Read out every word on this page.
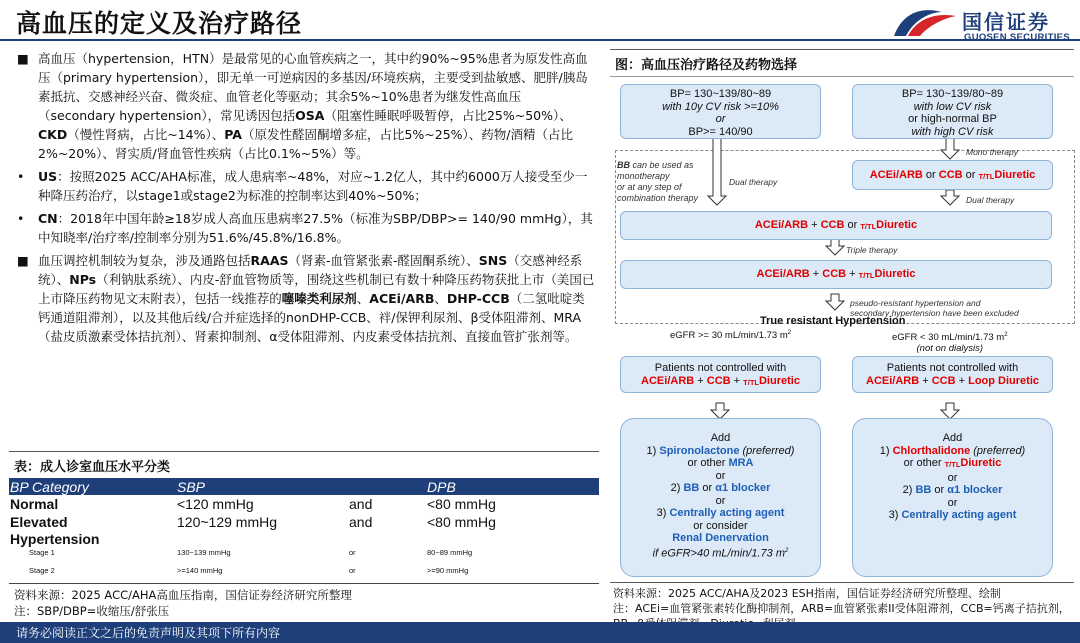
高血压的定义及治疗路径	国信证券
GUOSEN SECURITIES
■ 高血压（hypertension，HTN）是最常见的心血管疾病之一，其中约90%~95%患者为原发性高血压（primary hypertension），即无单一可逆病因的多基因/环境疾病，主要受到盐敏感、肥胖/胰岛素抵抗、交感神经兴奋、微炎症、血管老化等驱动；其余5%~10%患者为继发性高血压（secondary hypertension），常见诱因包括OSA（阻塞性睡眠呼吸暂停，占比25%~50%）、CKD（慢性肾病，占比~14%）、PA（原发性醛固酮增多症，占比5%~25%）、药物/酒精（占比2%~20%）、肾实质/肾血管性疾病（占比0.1%~5%）等。
• US：按照2025 ACC/AHA标准，成人患病率~48%，对应~1.2亿人，其中约6000万人接受至少一种降压药治疗，以stage1或stage2为标准的控制率达到40%~50%；
• CN：2018年中国年龄≥18岁成人高血压患病率27.5%（标准为SBP/DBP>= 140/90 mmHg），其中知晓率/治疗率/控制率分别为51.6%/45.8%/16.8%。
■ 血压调控机制较为复杂，涉及通路包括RAAS（肾素-血管紧张素-醛固酮系统）、SNS（交感神经系统）、NPs（利钠肽系统）、内皮-舒血管物质等，围绕这些机制已有数十种降压药物获批上市（美国已上市降压药物见文末附表），包括一线推荐的噻嗪类利尿剂、ACEi/ARB、DHP-CCB（二氢吡啶类钙通道阻滞剂），以及其他后线/合并症选择的nonDHP-CCB、袢/保钾利尿剂、β受体阻滞剂、MRA（盐皮质激素受体拮抗剂）、肾素抑制剂、α受体阻滞剂、内皮素受体拮抗剂、直接血管扩张剂等。
表：成人诊室血压水平分类
BP Category	SBP		DPB
Normal	<120 mmHg	and	<80 mmHg
Elevated	120~129 mmHg	and	<80 mmHg
Hypertension			
Stage 1	130~139 mmHg	or	80~89 mmHg
Stage 2	>=140 mmHg	or	>=90 mmHg
资料来源：2025 ACC/AHA高血压指南，国信证券经济研究所整理
注：SBP/DBP=收缩压/舒张压
图：高血压治疗路径及药物选择
BP= 130~139/80~89
with 10y CV risk >=10%
or
BP>= 140/90
BP= 130~139/80~89
with low CV risk
or high-normal BP
with high CV risk
Mono therapy
ACEi/ARB or CCB or T/TLDiuretic
BB can be used as
monotherapy
or at any step of
combination therapy
Dual therapy
Dual therapy
ACEi/ARB + CCB or T/TLDiuretic
Triple therapy
ACEi/ARB + CCB + T/TLDiuretic
pseudo-resistant hypertension and
secondary hypertension have been excluded
True resistant Hypertension
eGFR >= 30 mL/min/1.73 $m^2$	eGFR < 30 mL/min/1.73 $m^2$
(not on dialysis)
Patients not controlled with
ACEi/ARB + CCB + T/TLDiuretic
Patients not controlled with
ACEi/ARB + CCB + Loop Diuretic
Add
1) Spironolactone (preferred)
or other MRA
or
2) BB or α1 blocker
or
3) Centrally acting agent
or consider
Renal Denervation
if eGFR>40 mL/min/1.73 $m^2$
Add
1) Chlorthalidone (preferred)
or other T/TLDiuretic
or
2) BB or α1 blocker
or
3) Centrally acting agent
资料来源：2025 ACC/AHA及2023 ESH指南，国信证券经济研究所整理、绘制
注：ACEi=血管紧张素转化酶抑制剂，ARB=血管紧张素II受体阻滞剂，CCB=钙离子拮抗剂，
请务必阅读正文之后的免责声明及其项下所有内容
